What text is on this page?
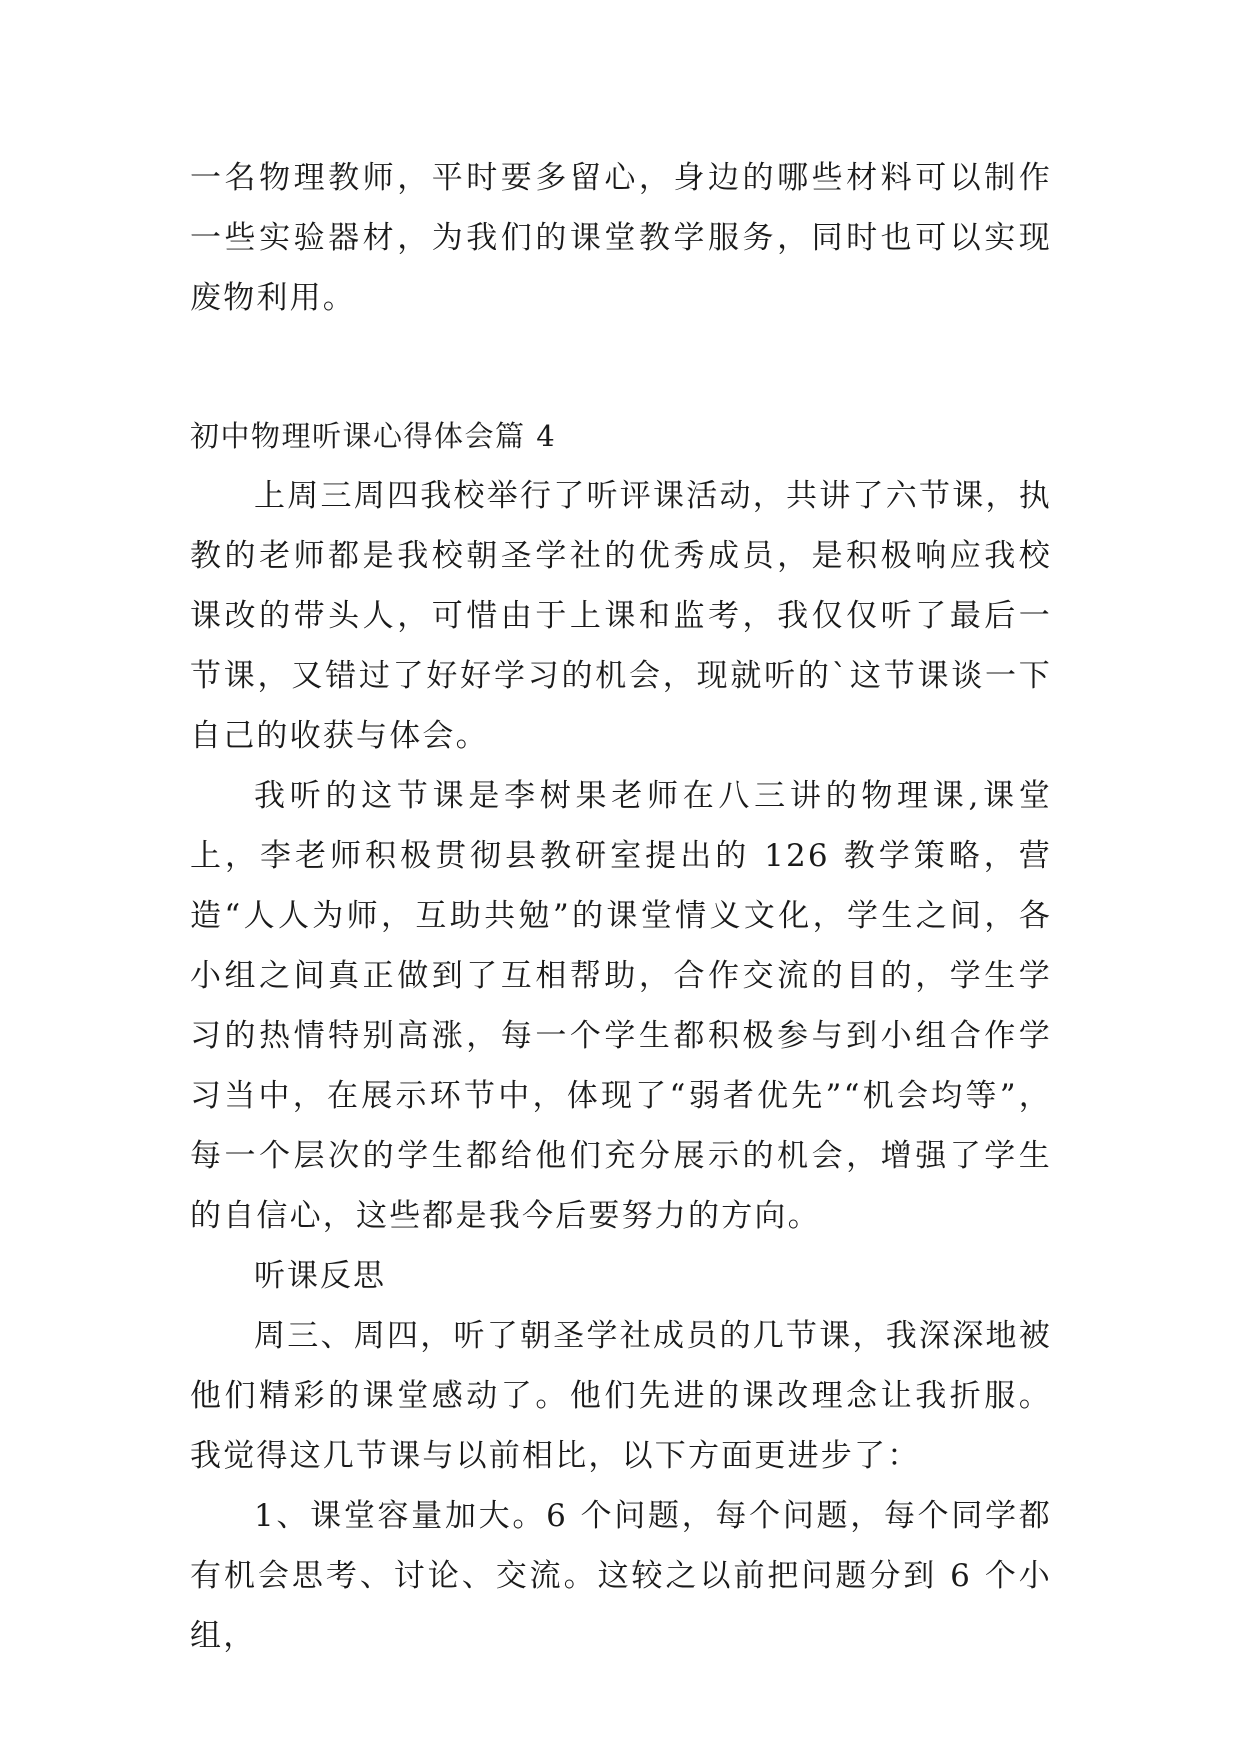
一名物理教师，平时要多留心，身边的哪些材料可以制作一些实验器材，为我们的课堂教学服务，同时也可以实现废物利用。

初中物理听课心得体会篇 4

上周三周四我校举行了听评课活动，共讲了六节课，执教的老师都是我校朝圣学社的优秀成员，是积极响应我校课改的带头人，可惜由于上课和监考，我仅仅听了最后一节课，又错过了好好学习的机会，现就听的`这节课谈一下自己的收获与体会。

我听的这节课是李树果老师在八三讲的物理课,课堂上，李老师积极贯彻县教研室提出的 126 教学策略，营造“人人为师，互助共勉”的课堂情义文化，学生之间，各小组之间真正做到了互相帮助，合作交流的目的，学生学习的热情特别高涨，每一个学生都积极参与到小组合作学习当中，在展示环节中，体现了“弱者优先”“机会均等”，每一个层次的学生都给他们充分展示的机会，增强了学生的自信心，这些都是我今后要努力的方向。

听课反思

周三、周四，听了朝圣学社成员的几节课，我深深地被他们精彩的课堂感动了。他们先进的课改理念让我折服。我觉得这几节课与以前相比，以下方面更进步了：

1、课堂容量加大。6 个问题，每个问题，每个同学都有机会思考、讨论、交流。这较之以前把问题分到 6 个小组，
